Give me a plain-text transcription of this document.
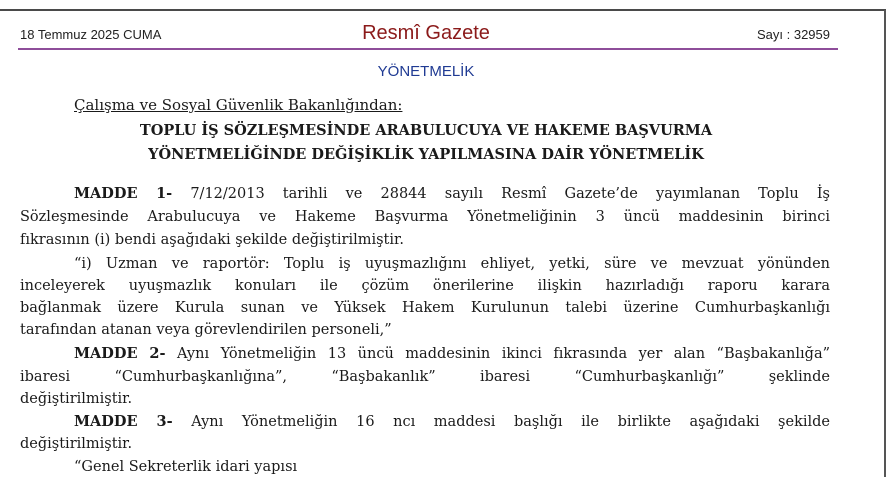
18 Temmuz 2025 CUMA	Resmî Gazete	Sayı : 32959
YÖNETMELİK
Çalışma ve Sosyal Güvenlik Bakanlığından:
TOPLU İŞ SÖZLEŞMESİNDE ARABULUCUYA VE HAKEME BAŞVURMA
YÖNETMELİĞİNDE DEĞİŞİKLİK YAPILMASINA DAİR YÖNETMELİK
MADDE 1- 7/12/2013 tarihli ve 28844 sayılı Resmî Gazete’de yayımlanan Toplu İş
Sözleşmesinde Arabulucuya ve Hakeme Başvurma Yönetmeliğinin 3 üncü maddesinin birinci
fıkrasının (i) bendi aşağıdaki şekilde değiştirilmiştir.
“i) Uzman ve raportör: Toplu iş uyuşmazlığını ehliyet, yetki, süre ve mevzuat yönünden
inceleyerek uyuşmazlık konuları ile çözüm önerilerine ilişkin hazırladığı raporu karara
bağlanmak üzere Kurula sunan ve Yüksek Hakem Kurulunun talebi üzerine Cumhurbaşkanlığı
tarafından atanan veya görevlendirilen personeli,”
MADDE 2- Aynı Yönetmeliğin 13 üncü maddesinin ikinci fıkrasında yer alan “Başbakanlığa”
ibaresi “Cumhurbaşkanlığına”, “Başbakanlık” ibaresi “Cumhurbaşkanlığı” şeklinde
değiştirilmiştir.
MADDE 3- Aynı Yönetmeliğin 16 ncı maddesi başlığı ile birlikte aşağıdaki şekilde
değiştirilmiştir.
“Genel Sekreterlik idari yapısı
